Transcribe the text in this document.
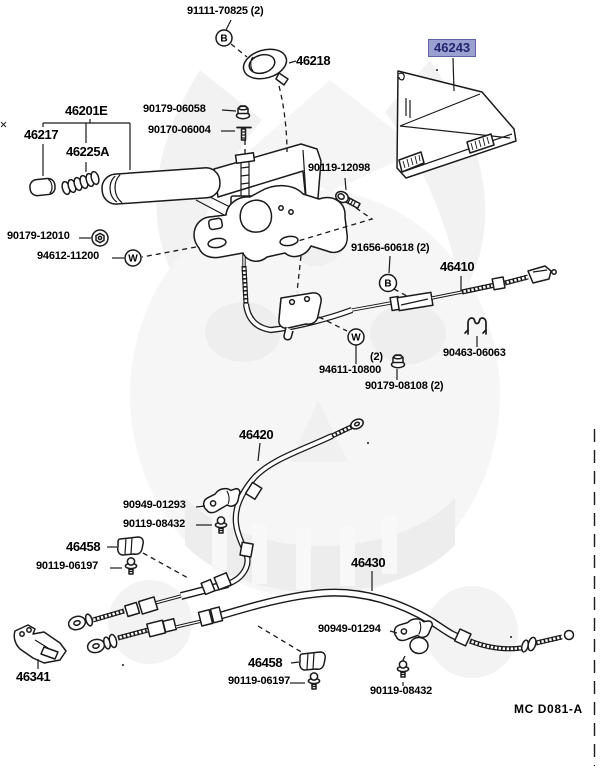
B
B
W
W
91111-70825 (2)
46218
46243
46201E	90179-06058
90170-06004
46217
46225A
90119-12098
90179-12010
94612-11200
91656-60618 (2)
46410
90463-06063
(2)
94611-10800
90179-08108 (2)
46420
90949-01293
90119-08432
46458
90119-06197	46430
90949-01294
46341
46458
90119-06197
90119-08432
MC D081-A
